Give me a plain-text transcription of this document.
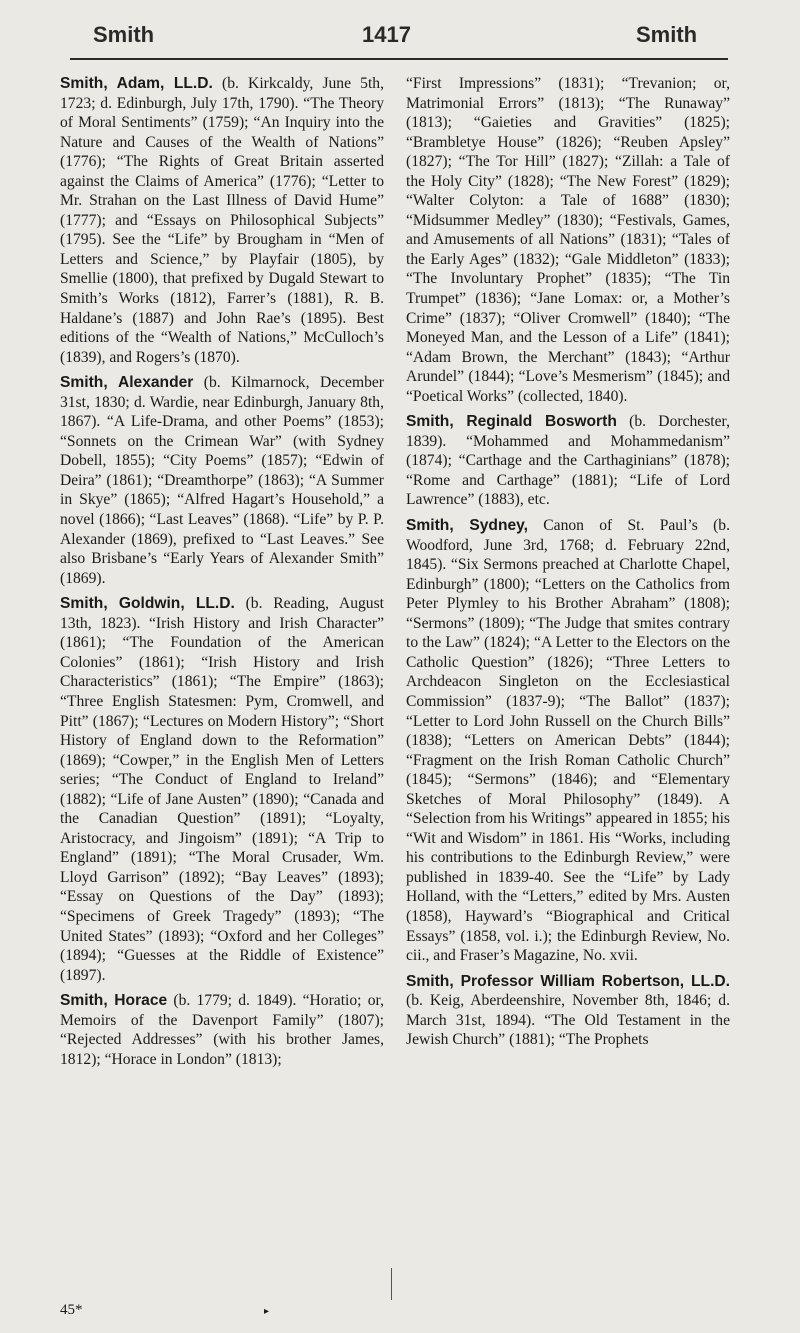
Smith	1417	Smith

Smith, Adam, LL.D. (b. Kirkcaldy, June 5th, 1723; d. Edinburgh, July 17th, 1790). “The Theory of Moral Sentiments” (1759); “An Inquiry into the Nature and Causes of the Wealth of Nations” (1776); “The Rights of Great Britain asserted against the Claims of America” (1776); “Letter to Mr. Strahan on the Last Illness of David Hume” (1777); and “Essays on Philosophical Subjects” (1795). See the “Life” by Brougham in “Men of Letters and Science,” by Playfair (1805), by Smellie (1800), that prefixed by Dugald Stewart to Smith’s Works (1812), Farrer’s (1881), R. B. Haldane’s (1887) and John Rae’s (1895). Best editions of the “Wealth of Nations,” McCulloch’s (1839), and Rogers’s (1870).

Smith, Alexander (b. Kilmarnock, December 31st, 1830; d. Wardie, near Edinburgh, January 8th, 1867). “A Life-Drama, and other Poems” (1853); “Sonnets on the Crimean War” (with Sydney Dobell, 1855); “City Poems” (1857); “Edwin of Deira” (1861); “Dreamthorpe” (1863); “A Summer in Skye” (1865); “Alfred Hagart’s Household,” a novel (1866); “Last Leaves” (1868). “Life” by P. P. Alexander (1869), prefixed to “Last Leaves.” See also Brisbane’s “Early Years of Alexander Smith” (1869).

Smith, Goldwin, LL.D. (b. Reading, August 13th, 1823). “Irish History and Irish Character” (1861); “The Foundation of the American Colonies” (1861); “Irish History and Irish Characteristics” (1861); “The Empire” (1863); “Three English Statesmen: Pym, Cromwell, and Pitt” (1867); “Lectures on Modern History”; “Short History of England down to the Reformation” (1869); “Cowper,” in the English Men of Letters series; “The Conduct of England to Ireland” (1882); “Life of Jane Austen” (1890); “Canada and the Canadian Question” (1891); “Loyalty, Aristocracy, and Jingoism” (1891); “A Trip to England” (1891); “The Moral Crusader, Wm. Lloyd Garrison” (1892); “Bay Leaves” (1893); “Essay on Questions of the Day” (1893); “Specimens of Greek Tragedy” (1893); “The United States” (1893); “Oxford and her Colleges” (1894); “Guesses at the Riddle of Existence” (1897).

Smith, Horace (b. 1779; d. 1849). “Horatio; or, Memoirs of the Davenport Family” (1807); “Rejected Addresses” (with his brother James, 1812); “Horace in London” (1813);

“First Impressions” (1831); “Trevanion; or, Matrimonial Errors” (1813); “The Runaway” (1813); “Gaieties and Gravities” (1825); “Brambletye House” (1826); “Reuben Apsley” (1827); “The Tor Hill” (1827); “Zillah: a Tale of the Holy City” (1828); “The New Forest” (1829); “Walter Colyton: a Tale of 1688” (1830); “Midsummer Medley” (1830); “Festivals, Games, and Amusements of all Nations” (1831); “Tales of the Early Ages” (1832); “Gale Middleton” (1833); “The Involuntary Prophet” (1835); “The Tin Trumpet” (1836); “Jane Lomax: or, a Mother’s Crime” (1837); “Oliver Cromwell” (1840); “The Moneyed Man, and the Lesson of a Life” (1841); “Adam Brown, the Merchant” (1843); “Arthur Arundel” (1844); “Love’s Mesmerism” (1845); and “Poetical Works” (collected, 1840).

Smith, Reginald Bosworth (b. Dorchester, 1839). “Mohammed and Mohammedanism” (1874); “Carthage and the Carthaginians” (1878); “Rome and Carthage” (1881); “Life of Lord Lawrence” (1883), etc.

Smith, Sydney, Canon of St. Paul’s (b. Woodford, June 3rd, 1768; d. February 22nd, 1845). “Six Sermons preached at Charlotte Chapel, Edinburgh” (1800); “Letters on the Catholics from Peter Plymley to his Brother Abraham” (1808); “Sermons” (1809); “The Judge that smites contrary to the Law” (1824); “A Letter to the Electors on the Catholic Question” (1826); “Three Letters to Archdeacon Singleton on the Ecclesiastical Commission” (1837-9); “The Ballot” (1837); “Letter to Lord John Russell on the Church Bills” (1838); “Letters on American Debts” (1844); “Fragment on the Irish Roman Catholic Church” (1845); “Sermons” (1846); and “Elementary Sketches of Moral Philosophy” (1849). A “Selection from his Writings” appeared in 1855; his “Wit and Wisdom” in 1861. His “Works, including his contributions to the Edinburgh Review,” were published in 1839-40. See the “Life” by Lady Holland, with the “Letters,” edited by Mrs. Austen (1858), Hayward’s “Biographical and Critical Essays” (1858, vol. i.); the Edinburgh Review, No. cii., and Fraser’s Magazine, No. xvii.

Smith, Professor William Robertson, LL.D. (b. Keig, Aberdeenshire, November 8th, 1846; d. March 31st, 1894). “The Old Testament in the Jewish Church” (1881); “The Prophets

45*	▸
